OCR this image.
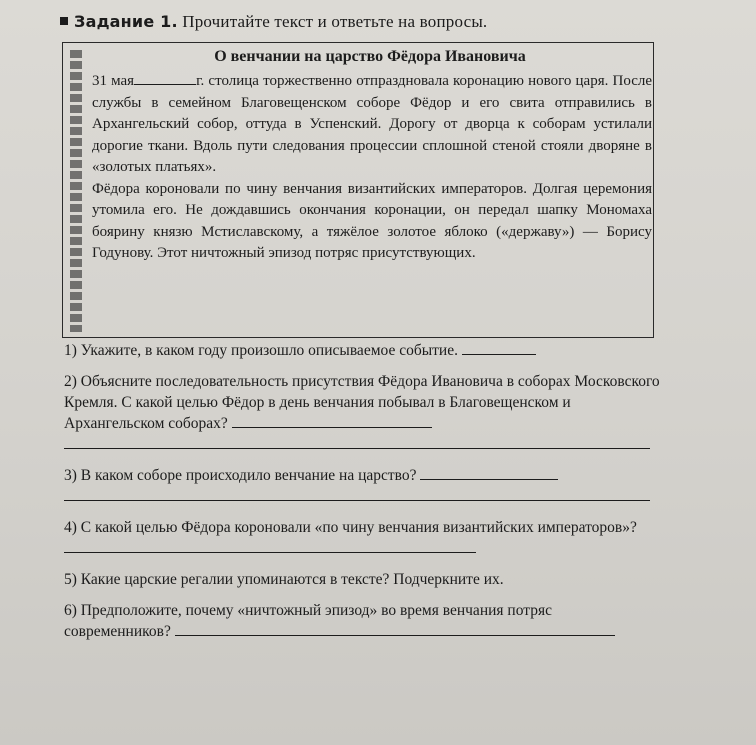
Задание 1. Прочитайте текст и ответьте на вопросы.
О венчании на царство Фёдора Ивановича

31 мая	г. столица торжественно отпраздновала коронацию нового царя. После службы в семейном Благовещенском соборе Фёдор и его свита отправились в Архангельский собор, оттуда в Успенский. Дорогу от дворца к соборам устилали дорогие ткани. Вдоль пути следования процессии сплошной стеной стояли дворяне в «золотых платьях».

Фёдора короновали по чину венчания византийских императоров. Долгая церемония утомила его. Не дождавшись окончания коронации, он передал шапку Мономаха боярину князю Мстиславскому, а тяжёлое золотое яблоко («державу») — Борису Годунову. Этот ничтожный эпизод потряс присутствующих.

1) Укажите, в каком году произошло описываемое событие.
2) Объясните последовательность присутствия Фёдора Ивановича в соборах Московского Кремля. С какой целью Фёдор в день венчания побывал в Благовещенском и Архангельском соборах?
3) В каком соборе происходило венчание на царство?
4) С какой целью Фёдора короновали «по чину венчания византийских императоров»?
5) Какие царские регалии упоминаются в тексте? Подчеркните их.
6) Предположите, почему «ничтожный эпизод» во время венчания потряс современников?
